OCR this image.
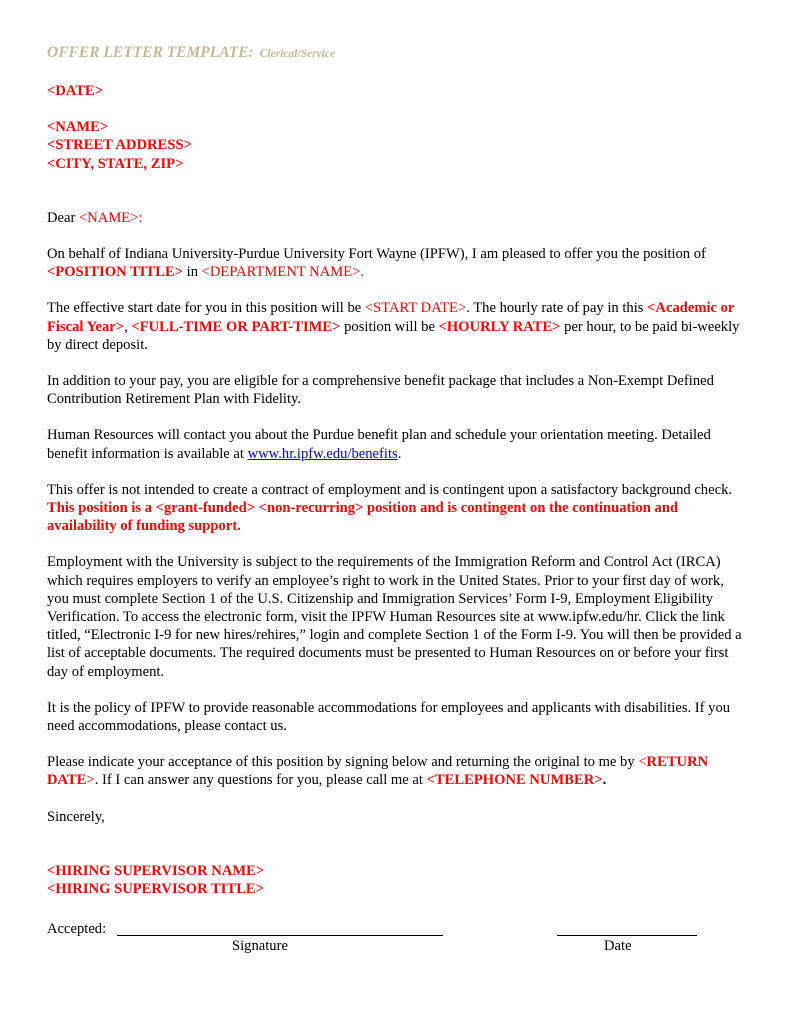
OFFER LETTER TEMPLATE: Clerical/Service

<DATE>

<NAME>

<STREET ADDRESS>

<CITY, STATE, ZIP>

Dear <NAME>:

On behalf of Indiana University-Purdue University Fort Wayne (IPFW), I am pleased to offer you the position of <POSITION TITLE> in <DEPARTMENT NAME>.

The effective start date for you in this position will be <START DATE>. The hourly rate of pay in this <Academic or Fiscal Year>, <FULL-TIME OR PART-TIME> position will be <HOURLY RATE> per hour, to be paid bi-weekly by direct deposit.

In addition to your pay, you are eligible for a comprehensive benefit package that includes a Non-Exempt Defined Contribution Retirement Plan with Fidelity.

Human Resources will contact you about the Purdue benefit plan and schedule your orientation meeting. Detailed benefit information is available at www.hr.ipfw.edu/benefits.

This offer is not intended to create a contract of employment and is contingent upon a satisfactory background check. This position is a <grant-funded> <non-recurring> position and is contingent on the continuation and availability of funding support.

Employment with the University is subject to the requirements of the Immigration Reform and Control Act (IRCA) which requires employers to verify an employee’s right to work in the United States. Prior to your first day of work, you must complete Section 1 of the U.S. Citizenship and Immigration Services’ Form I-9, Employment Eligibility Verification. To access the electronic form, visit the IPFW Human Resources site at www.ipfw.edu/hr. Click the link titled, “Electronic I-9 for new hires/rehires,” login and complete Section 1 of the Form I-9. You will then be provided a list of acceptable documents. The required documents must be presented to Human Resources on or before your first day of employment.

It is the policy of IPFW to provide reasonable accommodations for employees and applicants with disabilities. If you need accommodations, please contact us.

Please indicate your acceptance of this position by signing below and returning the original to me by <RETURN DATE>. If I can answer any questions for you, please call me at <TELEPHONE NUMBER>.

Sincerely,

<HIRING SUPERVISOR NAME>

<HIRING SUPERVISOR TITLE>

Accepted:
Signature	Date
